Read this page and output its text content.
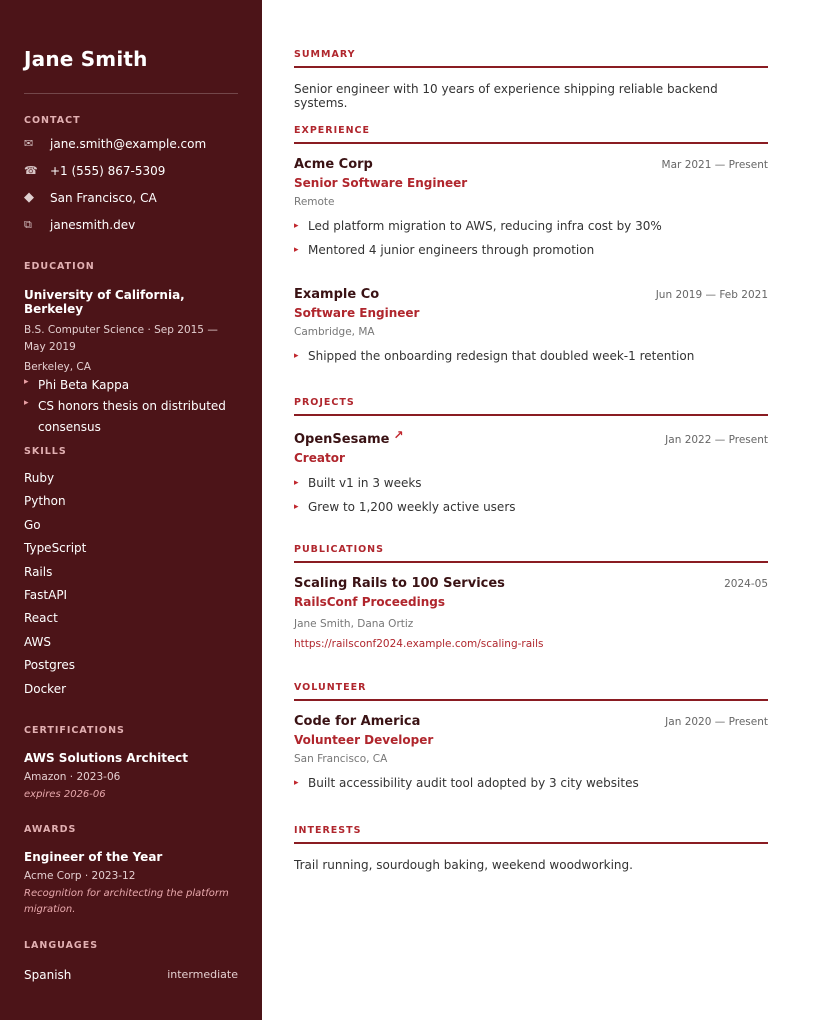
Jane Smith
CONTACT
✉	jane.smith@example.com
☎	+1 (555) 867-5309
◆	San Francisco, CA
⧉	janesmith.dev
EDUCATION
University of California, Berkeley
B.S. Computer Science · Sep 2015 — May 2019
Berkeley, CA
▸ Phi Beta Kappa
▸ CS honors thesis on distributed consensus
SKILLS
Ruby
Python
Go
TypeScript
Rails
FastAPI
React
AWS
Postgres
Docker
CERTIFICATIONS
AWS Solutions Architect
Amazon · 2023-06
expires 2026-06
AWARDS
Engineer of the Year
Acme Corp · 2023-12
Recognition for architecting the platform migration.
LANGUAGES
Spanish	intermediate
SUMMARY
Senior engineer with 10 years of experience shipping reliable backend systems.
EXPERIENCE
Acme Corp	Mar 2021 — Present
Senior Software Engineer
Remote
▸ Led platform migration to AWS, reducing infra cost by 30%
▸ Mentored 4 junior engineers through promotion
Example Co	Jun 2019 — Feb 2021
Software Engineer
Cambridge, MA
▸ Shipped the onboarding redesign that doubled week-1 retention
PROJECTS
OpenSesame ↗	Jan 2022 — Present
Creator
▸ Built v1 in 3 weeks
▸ Grew to 1,200 weekly active users
PUBLICATIONS
Scaling Rails to 100 Services	2024-05
RailsConf Proceedings
Jane Smith, Dana Ortiz
https://railsconf2024.example.com/scaling-rails
VOLUNTEER
Code for America	Jan 2020 — Present
Volunteer Developer
San Francisco, CA
▸ Built accessibility audit tool adopted by 3 city websites
INTERESTS
Trail running, sourdough baking, weekend woodworking.
